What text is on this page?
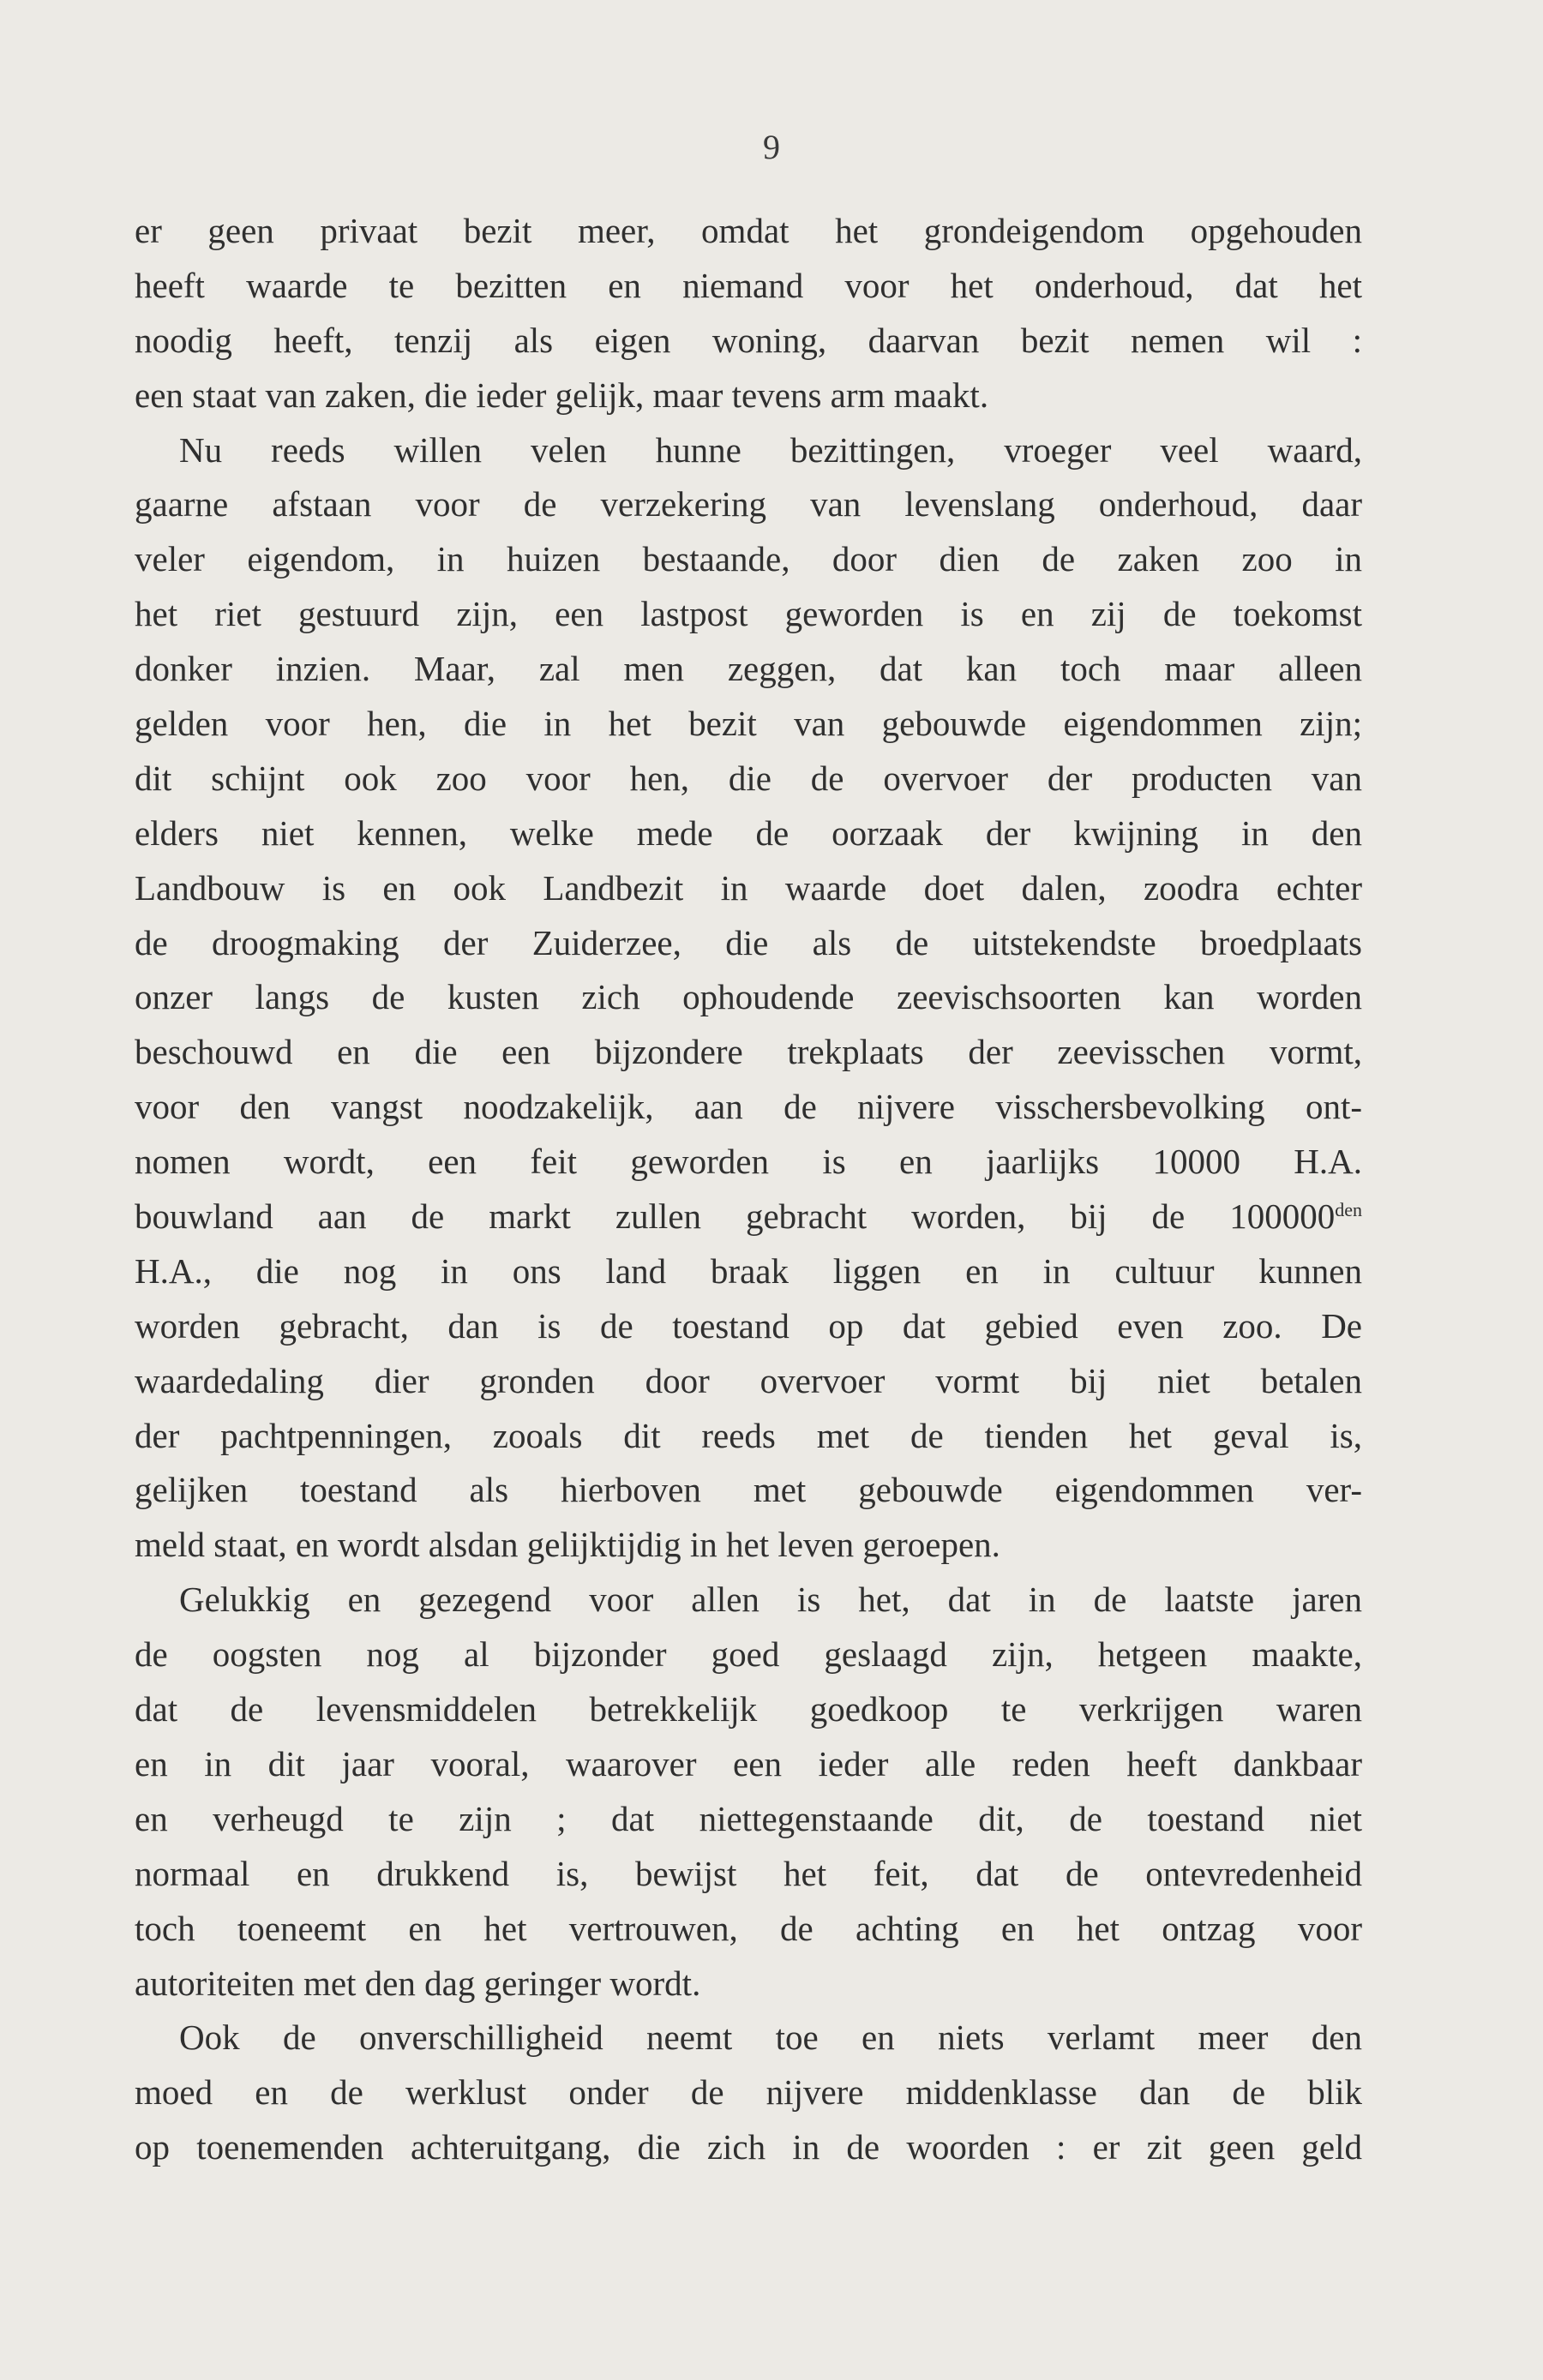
9
er geen privaat bezit meer, omdat het grondeigendom opgehouden
heeft waarde te bezitten en niemand voor het onderhoud, dat het
noodig heeft, tenzij als eigen woning, daarvan bezit nemen wil :
een staat van zaken, die ieder gelijk, maar tevens arm maakt.
Nu reeds willen velen hunne bezittingen, vroeger veel waard,
gaarne afstaan voor de verzekering van levenslang onderhoud, daar
veler eigendom, in huizen bestaande, door dien de zaken zoo in
het riet gestuurd zijn, een lastpost geworden is en zij de toekomst
donker inzien. Maar, zal men zeggen, dat kan toch maar alleen
gelden voor hen, die in het bezit van gebouwde eigendommen zijn;
dit schijnt ook zoo voor hen, die de overvoer der producten van
elders niet kennen, welke mede de oorzaak der kwijning in den
Landbouw is en ook Landbezit in waarde doet dalen, zoodra echter
de droogmaking der Zuiderzee, die als de uitstekendste broedplaats
onzer langs de kusten zich ophoudende zeevischsoorten kan worden
beschouwd en die een bijzondere trekplaats der zeevisschen vormt,
voor den vangst noodzakelijk, aan de nijvere visschersbevolking ont-
nomen wordt, een feit geworden is en jaarlijks 10000 H.A.
bouwland aan de markt zullen gebracht worden, bij de $100000^{den}$
H.A., die nog in ons land braak liggen en in cultuur kunnen
worden gebracht, dan is de toestand op dat gebied even zoo. De
waardedaling dier gronden door overvoer vormt bij niet betalen
der pachtpenningen, zooals dit reeds met de tienden het geval is,
gelijken toestand als hierboven met gebouwde eigendommen ver-
meld staat, en wordt alsdan gelijktijdig in het leven geroepen.
Gelukkig en gezegend voor allen is het, dat in de laatste jaren
de oogsten nog al bijzonder goed geslaagd zijn, hetgeen maakte,
dat de levensmiddelen betrekkelijk goedkoop te verkrijgen waren
en in dit jaar vooral, waarover een ieder alle reden heeft dankbaar
en verheugd te zijn ; dat niettegenstaande dit, de toestand niet
normaal en drukkend is, bewijst het feit, dat de ontevredenheid
toch toeneemt en het vertrouwen, de achting en het ontzag voor
autoriteiten met den dag geringer wordt.
Ook de onverschilligheid neemt toe en niets verlamt meer den
moed en de werklust onder de nijvere middenklasse dan de blik
op toenemenden achteruitgang, die zich in de woorden : er zit geen geld
